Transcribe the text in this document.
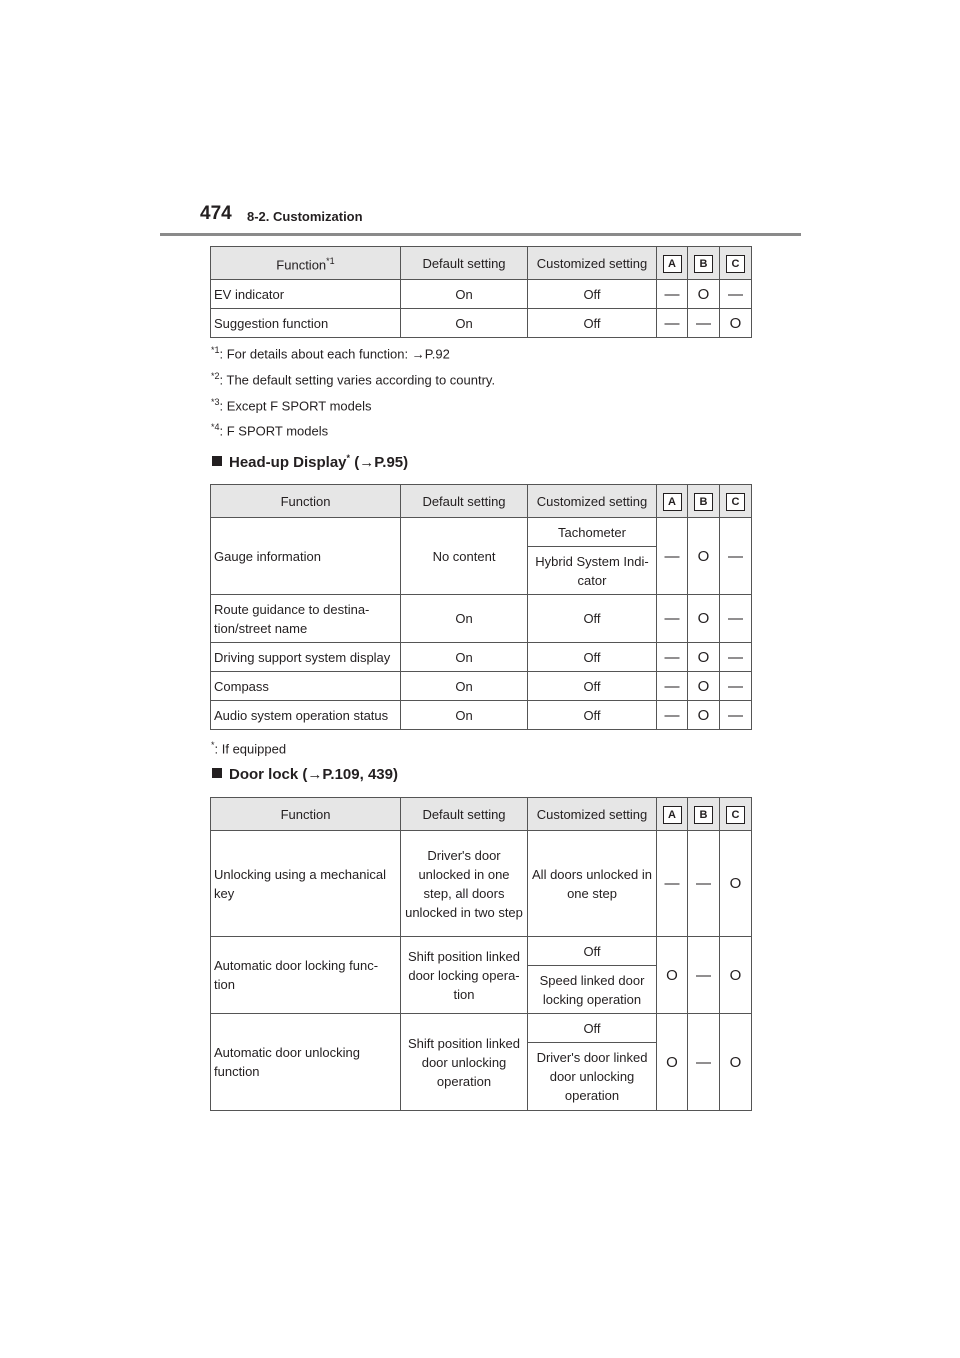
474 8-2. Customization
Function$^{*1}$	Default setting	Customized setting	A	B	C
EV indicator	On	Off	—	O	—
Suggestion function	On	Off	—	—	O
$^{*1}$: For details about each function: →P.92
$^{*2}$: The default setting varies according to country.
$^{*3}$: Except F SPORT models
$^{*4}$: F SPORT models
Head-up Display* (→P.95)
Function	Default setting	Customized setting	A	B	C
Gauge information	No content	Tachometer	—	O	—
		Hybrid System Indi-cator			
Route guidance to destina-tion/street name	On	Off	—	O	—
Driving support system display	On	Off	—	O	—
Compass	On	Off	—	O	—
Audio system operation status	On	Off	—	O	—
*: If equipped
Door lock (→P.109, 439)
Function	Default setting	Customized setting	A	B	C
Unlocking using a mechanical key	Driver's door unlocked in one step, all doors unlocked in two step	All doors unlocked in one step	—	—	O
Automatic door locking func-tion	Shift position linked door locking opera-tion	Off	O	—	O
		Speed linked door locking operation			
Automatic door unlocking function	Shift position linked door unlocking operation	Off	O	—	O
		Driver's door linked door unlocking operation			
